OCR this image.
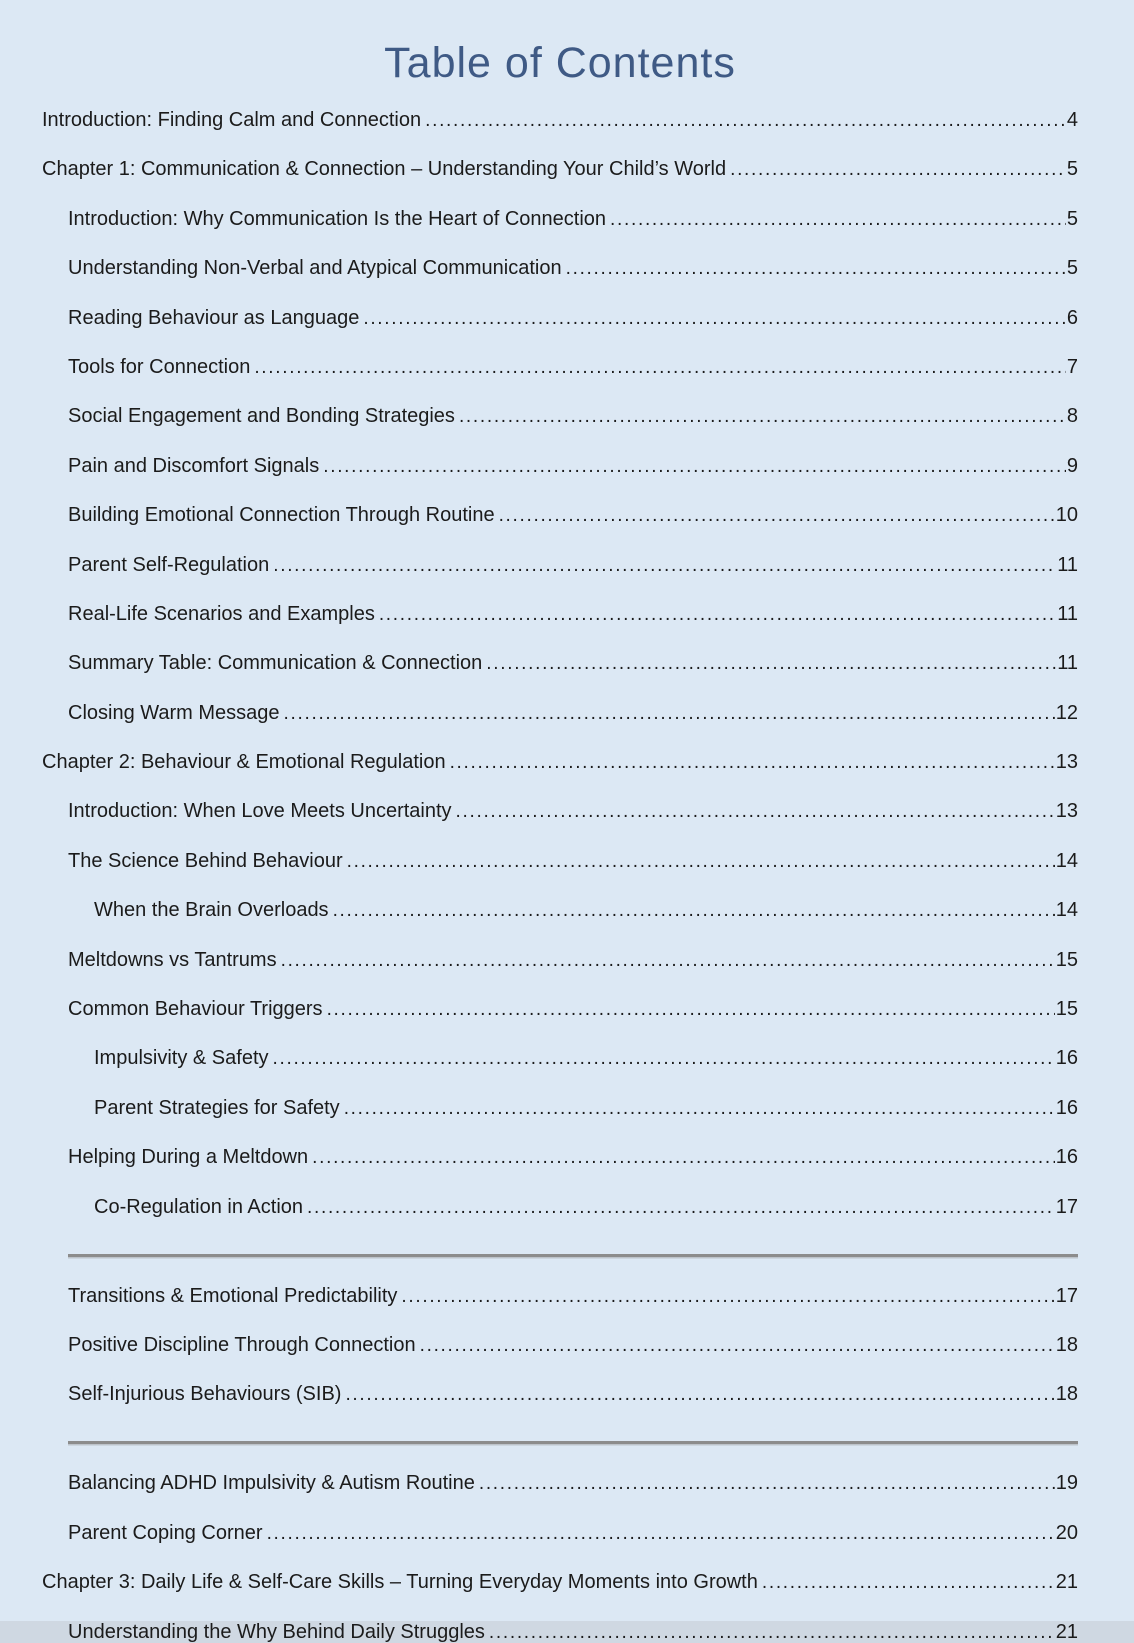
Table of Contents
Introduction: Finding Calm and Connection .....	4
Chapter 1: Communication & Connection – Understanding Your Child’s World .....	5
Introduction: Why Communication Is the Heart of Connection .....	5
Understanding Non-Verbal and Atypical Communication .....	5
Reading Behaviour as Language .....	6
Tools for Connection .....	7
Social Engagement and Bonding Strategies .....	8
Pain and Discomfort Signals .....	9
Building Emotional Connection Through Routine .....	10
Parent Self-Regulation .....	11
Real-Life Scenarios and Examples .....	11
Summary Table: Communication & Connection .....	11
Closing Warm Message .....	12
Chapter 2: Behaviour & Emotional Regulation .....	13
Introduction: When Love Meets Uncertainty .....	13
The Science Behind Behaviour .....	14
When the Brain Overloads .....	14
Meltdowns vs Tantrums .....	15
Common Behaviour Triggers .....	15
Impulsivity & Safety .....	16
Parent Strategies for Safety .....	16
Helping During a Meltdown .....	16
Co-Regulation in Action .....	17
Transitions & Emotional Predictability .....	17
Positive Discipline Through Connection .....	18
Self-Injurious Behaviours (SIB) .....	18
Balancing ADHD Impulsivity & Autism Routine .....	19
Parent Coping Corner .....	20
Chapter 3: Daily Life & Self-Care Skills – Turning Everyday Moments into Growth .....	21
Understanding the Why Behind Daily Struggles .....	21
